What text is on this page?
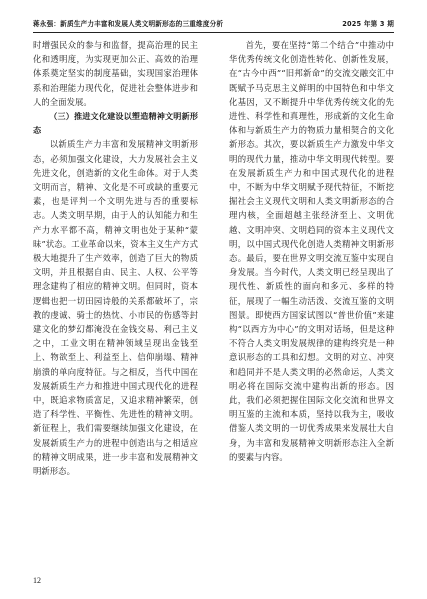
蒋永强：新质生产力丰富和发展人类文明新形态的三重维度分析	2025 年第 3 期

时增强民众的参与和监督，提高治理的民主化和透明度，为实现更加公正、高效的治理体系奠定坚实的制度基础，实现国家治理体系和治理能力现代化，促进社会整体进步和人的全面发展。

（三）推进文化建设以塑造精神文明新形态

以新质生产力丰富和发展精神文明新形态，必须加强文化建设，大力发展社会主义先进文化，创造新的文化生命体。对于人类文明而言，精神、文化是不可或缺的重要元素，也是评判一个文明先进与否的重要标志。人类文明早期，由于人的认知能力和生产力水平都不高，精神文明也处于某种“蒙昧”状态。工业革命以来，资本主义生产方式极大地提升了生产效率，创造了巨大的物质文明，并且根据自由、民主、人权、公平等理念建构了相应的精神文明。但同时，资本逻辑也把一切田园诗般的关系都破坏了，宗教的虔诚、骑士的热忱、小市民的伤感等封建文化的梦幻都淹没在金钱交易、利己主义之中，工业文明在精神领域呈现出金钱至上、物欲至上、利益至上、信仰崩塌、精神崩溃的单向度特征。与之相反，当代中国在发展新质生产力和推进中国式现代化的进程中，既追求物质富足，又追求精神繁荣，创造了科学性、平衡性、先进性的精神文明。新征程上，我们需要继续加强文化建设，在发展新质生产力的进程中创造出与之相适应的精神文明成果，进一步丰富和发展精神文明新形态。

首先，要在坚持“第二个结合”中推动中华优秀传统文化创造性转化、创新性发展，在“古今中西”“旧邦新命”的交流交融交汇中既赋予马克思主义鲜明的中国特色和中华文化基因，又不断提升中华优秀传统文化的先进性、科学性和真理性，形成新的文化生命体和与新质生产力的物质力量相契合的文化新形态。其次，要以新质生产力激发中华文明的现代力量，推动中华文明现代转型。要在发展新质生产力和中国式现代化的进程中，不断为中华文明赋予现代特征，不断挖掘社会主义现代文明和人类文明新形态的合理内核，全面超越主张经济至上、文明优越、文明冲突、文明趋同的资本主义现代文明，以中国式现代化创造人类精神文明新形态。最后，要在世界文明交流互鉴中实现自身发展。当今时代，人类文明已经呈现出了现代性、新质性的面向和多元、多样的特征，展现了一幅生动活泼、交流互鉴的文明图景。即使西方国家试图以“普世价值”来建构“以西方为中心”的文明对话场，但是这种不符合人类文明发展规律的建构终究是一种意识形态的工具和幻想。文明的对立、冲突和趋同并不是人类文明的必然命运，人类文明必将在国际交流中建构出新的形态。因此，我们必须把握住国际文化交流和世界文明互鉴的主流和本质，坚持以我为主，吸收借鉴人类文明的一切优秀成果来发展壮大自身，为丰富和发展精神文明新形态注入全新的要素与内容。

12
